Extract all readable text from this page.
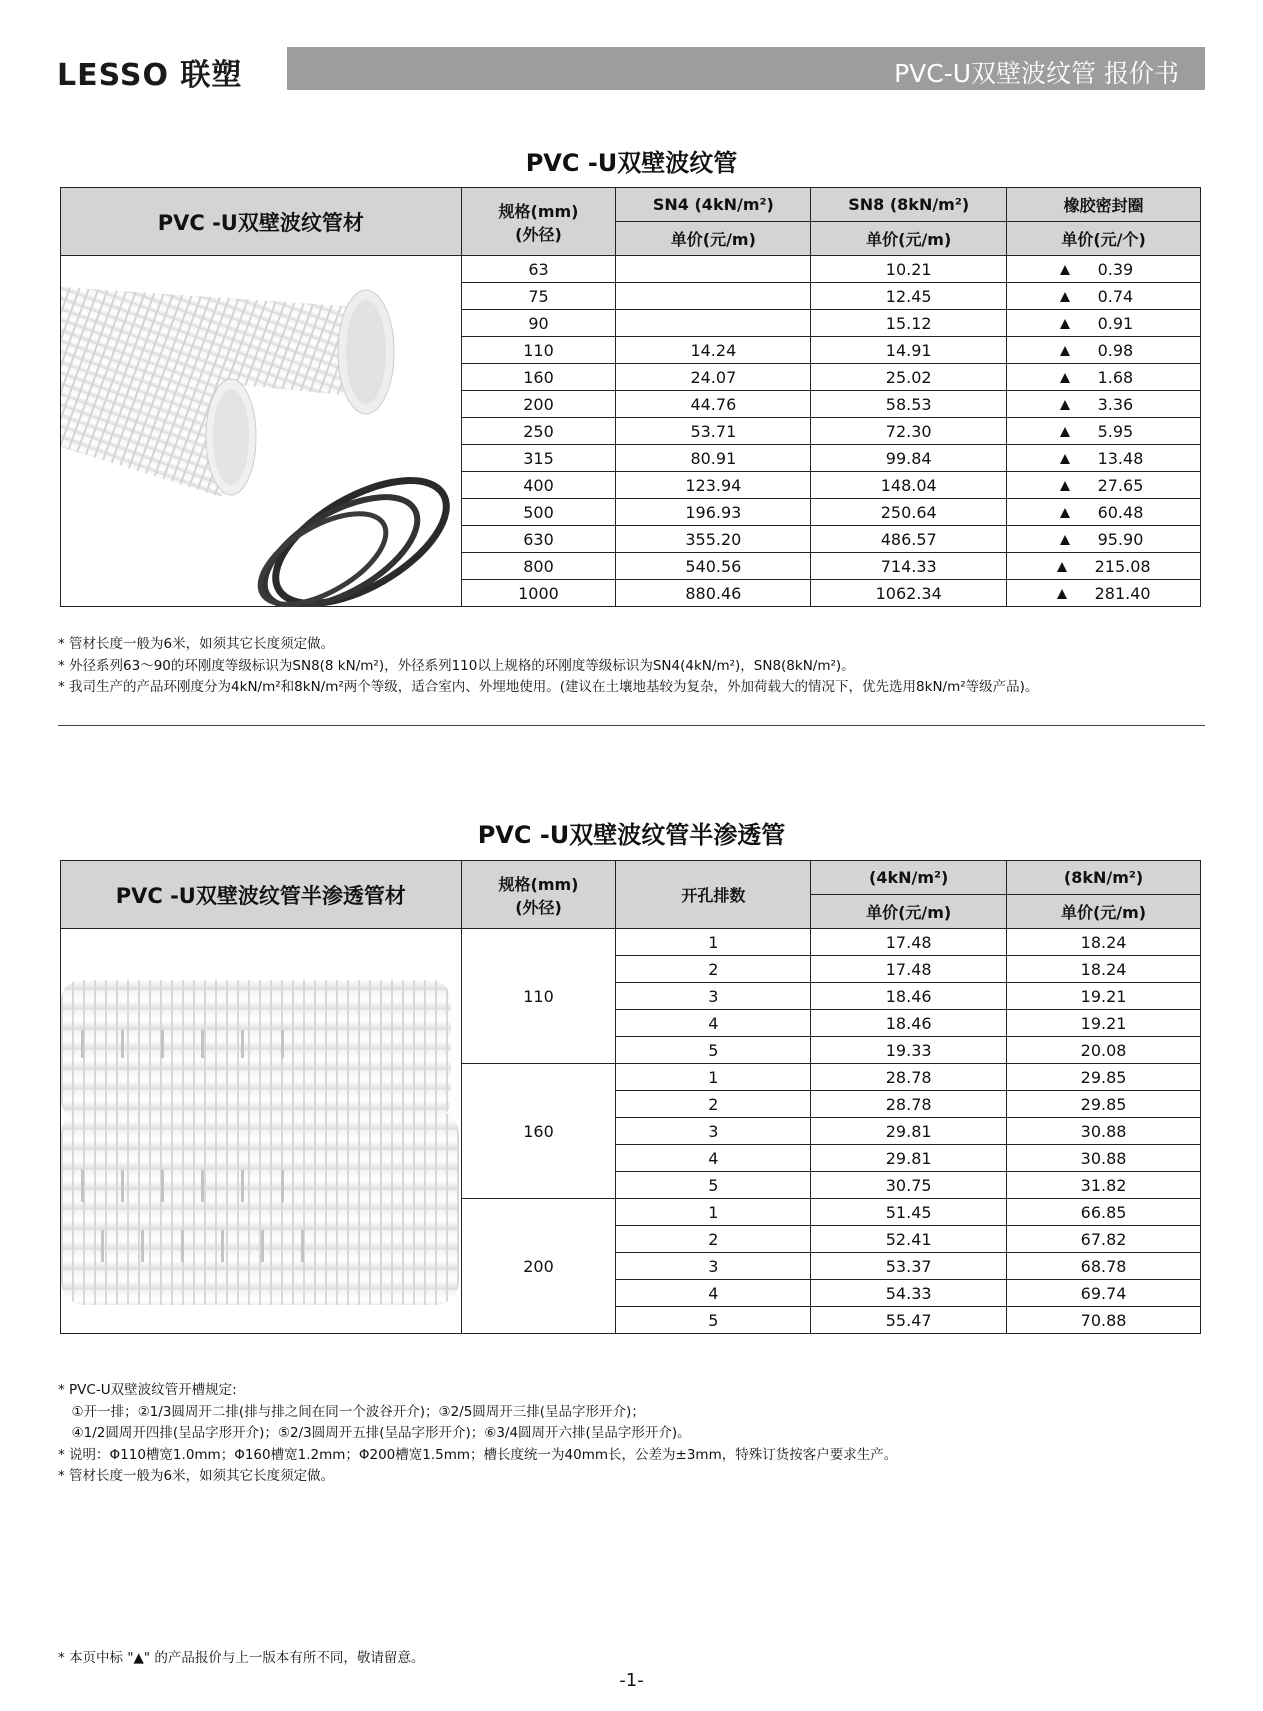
LESSO 联塑	PVC-U双壁波纹管 报价书
PVC -U双壁波纹管
PVC -U双壁波纹管材	规格(mm)
(外径)	SN4 (4kN/m²)	SN8 (8kN/m²)	橡胶密封圈
		单价(元/m)	单价(元/m)	单价(元/个)
	63		10.21	0.39
	75		12.45	0.74
	90		15.12	0.91
	110	14.24	14.91	0.98
	160	24.07	25.02	1.68
	200	44.76	58.53	3.36
	250	53.71	72.30	5.95
	315	80.91	99.84	13.48
	400	123.94	148.04	27.65
	500	196.93	250.64	60.48
	630	355.20	486.57	95.90
	800	540.56	714.33	215.08
	1000	880.46	1062.34	281.40
* 管材长度一般为6米，如须其它长度须定做。
* 外径系列63～90的环刚度等级标识为SN8(8 kN/m²)，外径系列110以上规格的环刚度等级标识为SN4(4kN/m²)，SN8(8kN/m²)。
* 我司生产的产品环刚度分为4kN/m²和8kN/m²两个等级，适合室内、外埋地使用。(建议在土壤地基较为复杂，外加荷载大的情况下，优先选用8kN/m²等级产品)。
PVC -U双壁波纹管半渗透管
PVC -U双壁波纹管半渗透管材	规格(mm)
(外径)	开孔排数	(4kN/m²)	(8kN/m²)
			单价(元/m)	单价(元/m)
	110	1	17.48	18.24
		2	17.48	18.24
		3	18.46	19.21
		4	18.46	19.21
		5	19.33	20.08
	160	1	28.78	29.85
		2	28.78	29.85
		3	29.81	30.88
		4	29.81	30.88
		5	30.75	31.82
	200	1	51.45	66.85
		2	52.41	67.82
		3	53.37	68.78
		4	54.33	69.74
		5	55.47	70.88
* PVC-U双壁波纹管开槽规定:
　①开一排；②1/3圆周开二排(排与排之间在同一个波谷开介)；③2/5圆周开三排(呈品字形开介)；
　④1/2圆周开四排(呈品字形开介)；⑤2/3圆周开五排(呈品字形开介)；⑥3/4圆周开六排(呈品字形开介)。
* 说明：Φ110槽宽1.0mm；Φ160槽宽1.2mm；Φ200槽宽1.5mm；槽长度统一为40mm长，公差为±3mm，特殊订货按客户要求生产。
* 管材长度一般为6米，如须其它长度须定做。
* 本页中标 "▲" 的产品报价与上一版本有所不同，敬请留意。
-1-
